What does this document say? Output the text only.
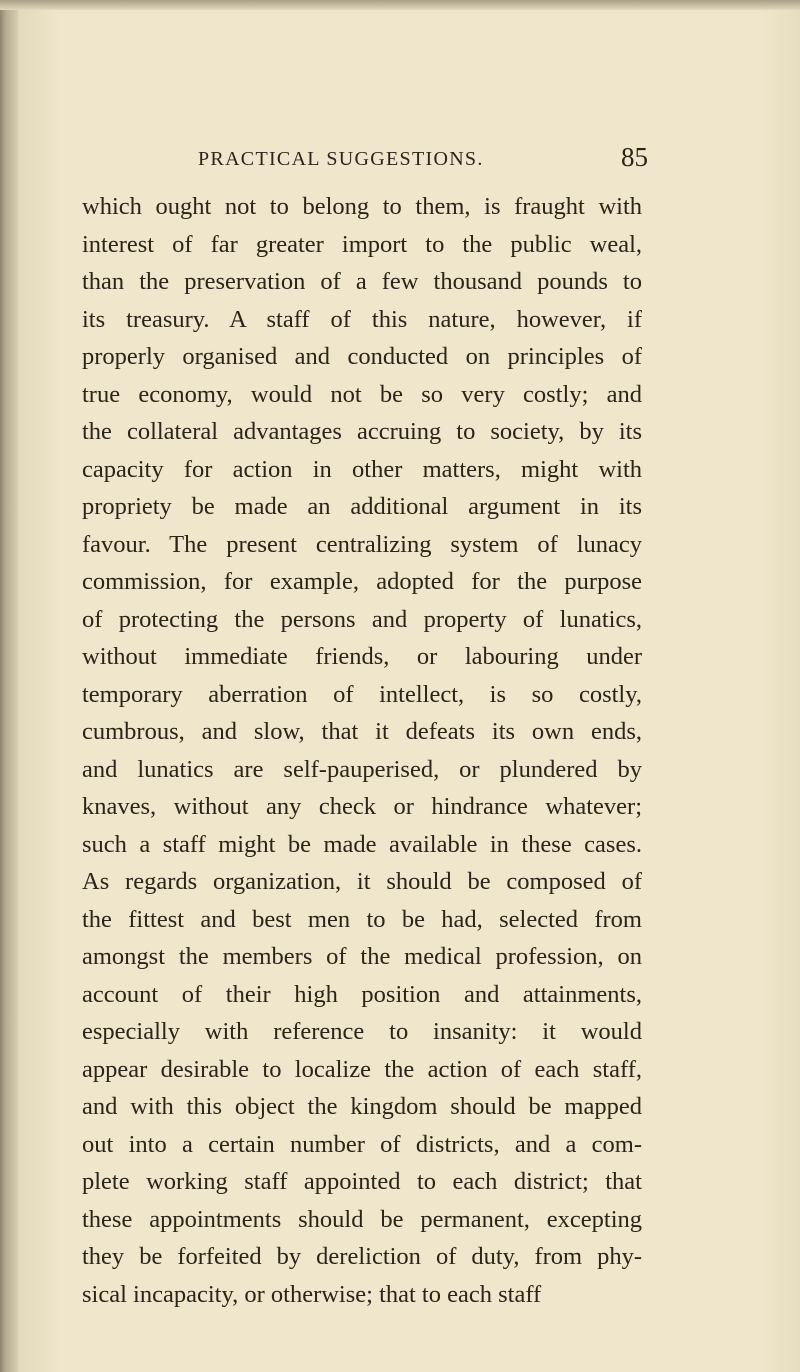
PRACTICAL SUGGESTIONS.	85
which ought not to belong to them, is fraught with
interest of far greater import to the public weal,
than the preservation of a few thousand pounds to
its treasury. A staff of this nature, however, if
properly organised and conducted on principles of
true economy, would not be so very costly; and
the collateral advantages accruing to society, by its
capacity for action in other matters, might with
propriety be made an additional argument in its
favour. The present centralizing system of lunacy
commission, for example, adopted for the purpose
of protecting the persons and property of lunatics,
without immediate friends, or labouring under
temporary aberration of intellect, is so costly,
cumbrous, and slow, that it defeats its own ends,
and lunatics are self-pauperised, or plundered by
knaves, without any check or hindrance whatever;
such a staff might be made available in these cases.
As regards organization, it should be composed of
the fittest and best men to be had, selected from
amongst the members of the medical profession, on
account of their high position and attainments,
especially with reference to insanity: it would
appear desirable to localize the action of each staff,
and with this object the kingdom should be mapped
out into a certain number of districts, and a com-
plete working staff appointed to each district; that
these appointments should be permanent, excepting
they be forfeited by dereliction of duty, from phy-
sical incapacity, or otherwise; that to each staff
